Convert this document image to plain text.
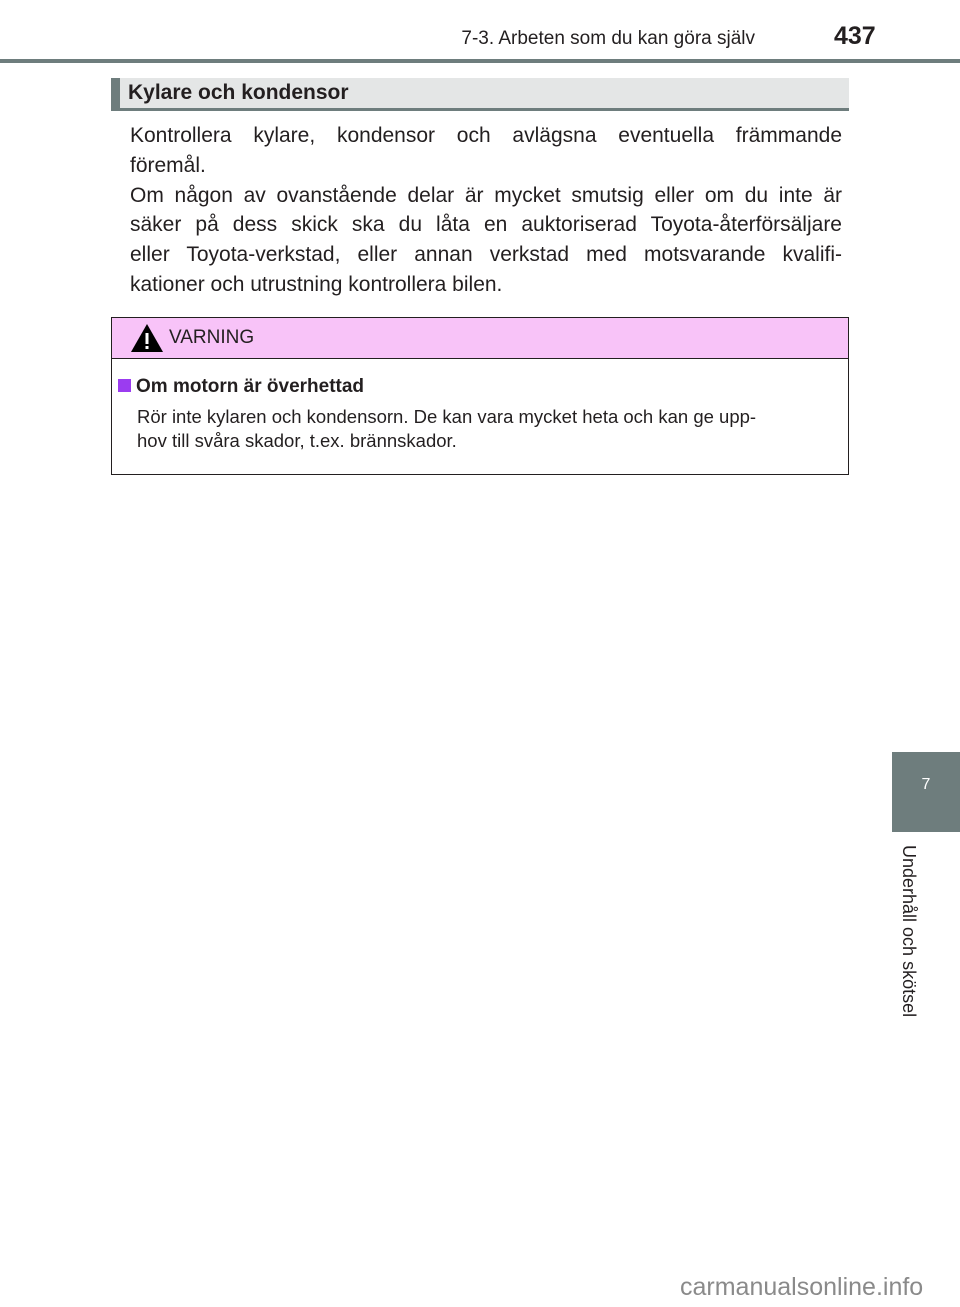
7-3. Arbeten som du kan göra själv	437
Kylare och kondensor
Kontrollera kylare, kondensor och avlägsna eventuella främmande
föremål.
Om någon av ovanstående delar är mycket smutsig eller om du inte är
säker på dess skick ska du låta en auktoriserad Toyota-återförsäljare
eller Toyota-verkstad, eller annan verkstad med motsvarande kvalifi-
kationer och utrustning kontrollera bilen.
VARNING
Om motorn är överhettad
Rör inte kylaren och kondensorn. De kan vara mycket heta och kan ge upp-
hov till svåra skador, t.ex. brännskador.
7
Underhåll och skötsel
carmanualsonline.info
